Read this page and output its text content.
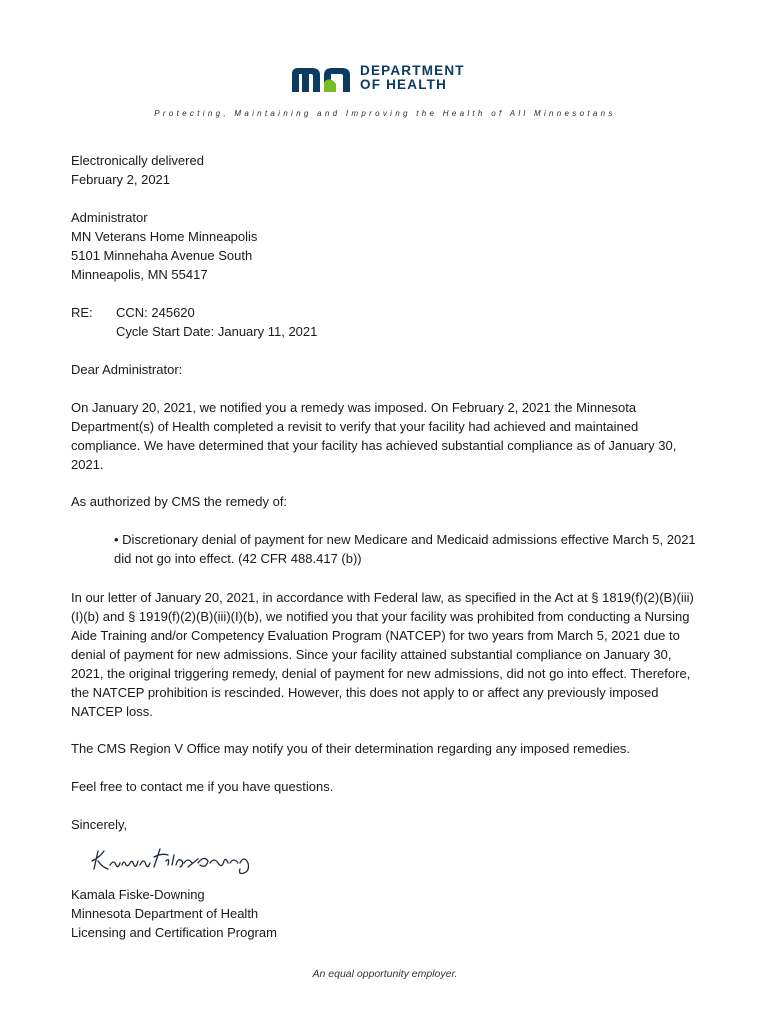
DEPARTMENT
OF HEALTH
Protecting, Maintaining and Improving the Health of All Minnesotans
Electronically delivered
February 2, 2021
Administrator
MN Veterans Home Minneapolis
5101 Minnehaha Avenue South
Minneapolis, MN 55417
RE: CCN: 245620
Cycle Start Date: January 11, 2021
Dear Administrator:
On January 20, 2021, we notified you a remedy was imposed. On February 2, 2021 the Minnesota Department(s) of Health completed a revisit to verify that your facility had achieved and maintained compliance. We have determined that your facility has achieved substantial compliance as of January 30, 2021.
As authorized by CMS the remedy of:
• Discretionary denial of payment for new Medicare and Medicaid admissions effective March 5, 2021 did not go into effect. (42 CFR 488.417 (b))
In our letter of January 20, 2021, in accordance with Federal law, as specified in the Act at § 1819(f)(2)(B)(iii)(I)(b) and § 1919(f)(2)(B)(iii)(I)(b), we notified you that your facility was prohibited from conducting a Nursing Aide Training and/or Competency Evaluation Program (NATCEP) for two years from March 5, 2021 due to denial of payment for new admissions. Since your facility attained substantial compliance on January 30, 2021, the original triggering remedy, denial of payment for new admissions, did not go into effect. Therefore, the NATCEP prohibition is rescinded. However, this does not apply to or affect any previously imposed NATCEP loss.
The CMS Region V Office may notify you of their determination regarding any imposed remedies.
Feel free to contact me if you have questions.
Sincerely,
Kamala Fiske-Downing
Minnesota Department of Health
Licensing and Certification Program
An equal opportunity employer.
